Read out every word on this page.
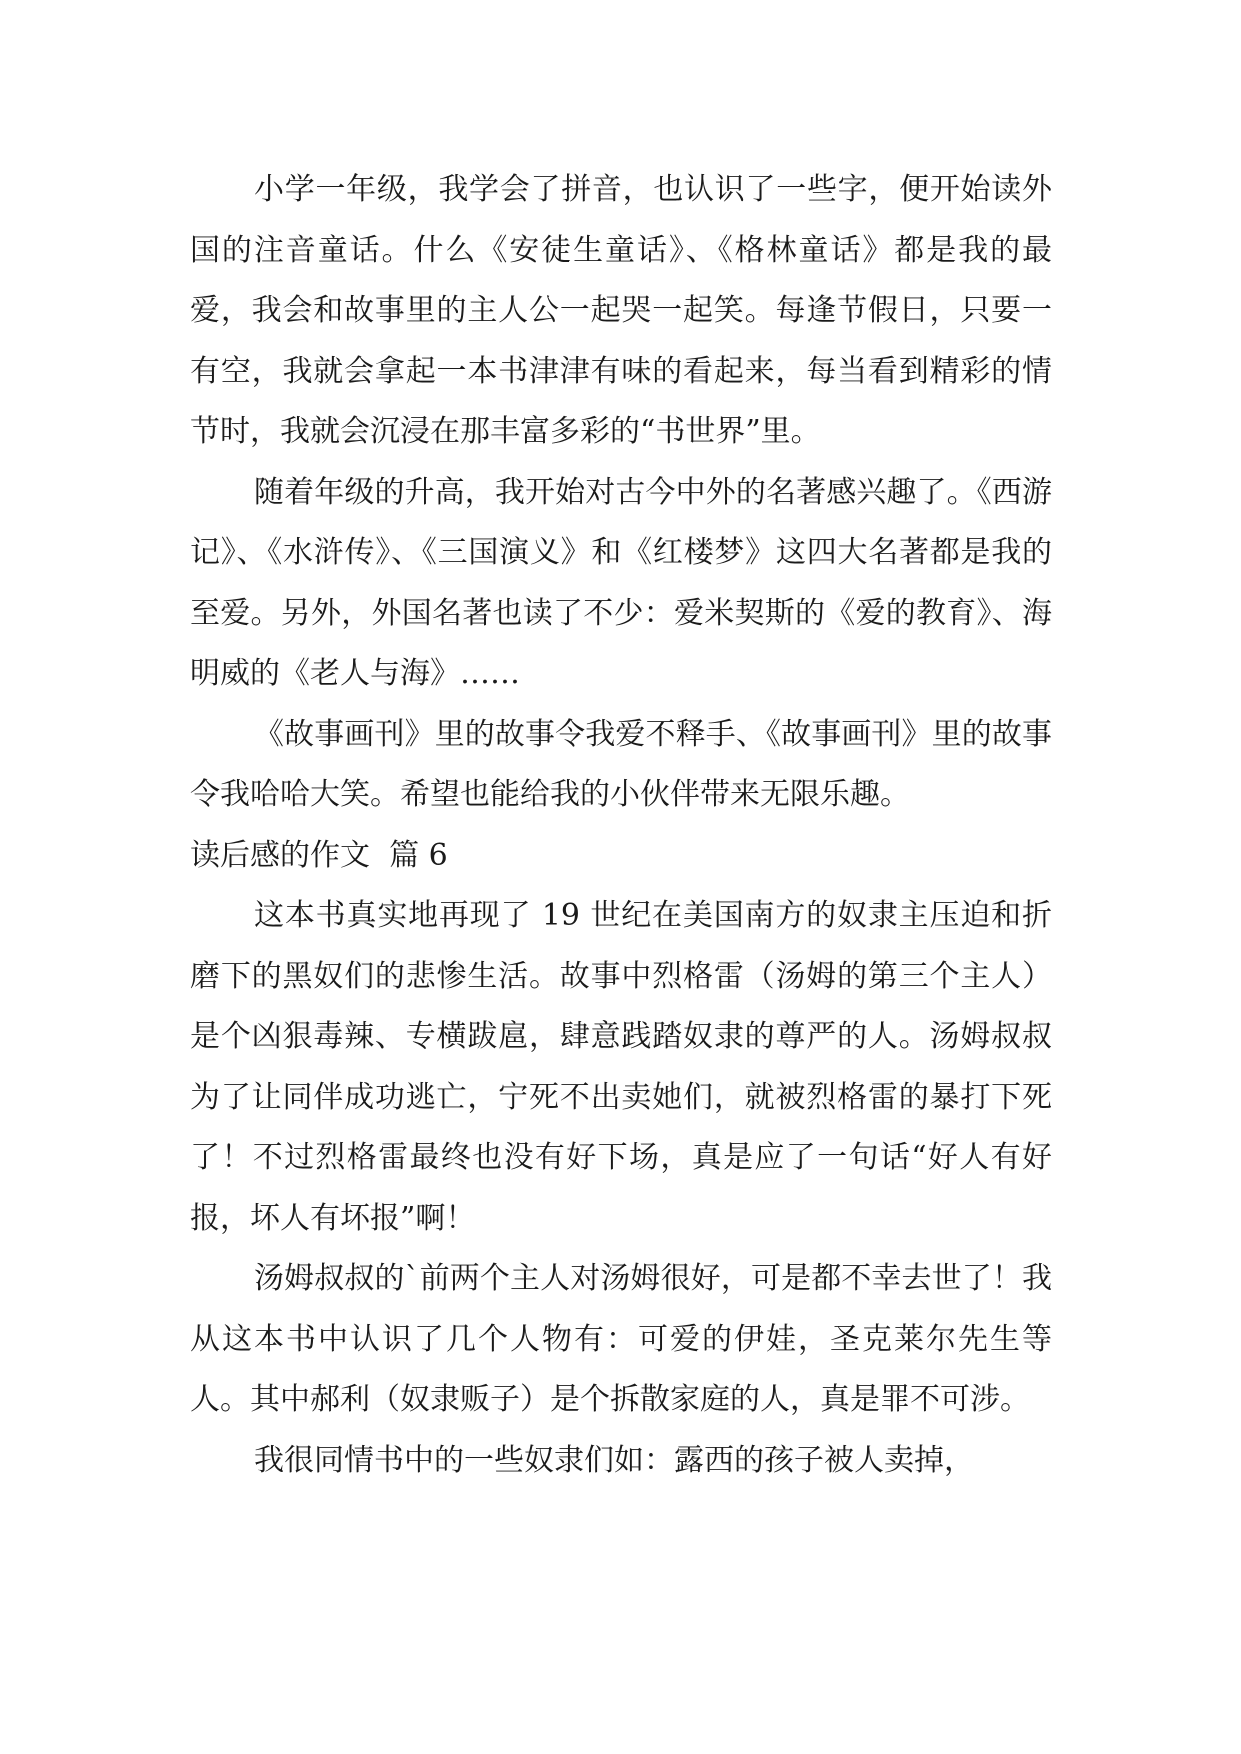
小学一年级，我学会了拼音，也认识了一些字，便开始读外国的注音童话。什么《安徒生童话》、《格林童话》都是我的最爱，我会和故事里的主人公一起哭一起笑。每逢节假日，只要一有空，我就会拿起一本书津津有味的看起来，每当看到精彩的情节时，我就会沉浸在那丰富多彩的“书世界”里。

随着年级的升高，我开始对古今中外的名著感兴趣了。《西游记》、《水浒传》、《三国演义》和《红楼梦》这四大名著都是我的至爱。另外，外国名著也读了不少：爱米契斯的《爱的教育》、海明威的《老人与海》……

《故事画刊》里的故事令我爱不释手、《故事画刊》里的故事令我哈哈大笑。希望也能给我的小伙伴带来无限乐趣。

读后感的作文  篇 6

这本书真实地再现了 19 世纪在美国南方的奴隶主压迫和折磨下的黑奴们的悲惨生活。故事中烈格雷（汤姆的第三个主人）是个凶狠毒辣、专横跋扈，肆意践踏奴隶的尊严的人。汤姆叔叔为了让同伴成功逃亡，宁死不出卖她们，就被烈格雷的暴打下死了！不过烈格雷最终也没有好下场，真是应了一句话“好人有好报，坏人有坏报”啊！

汤姆叔叔的`前两个主人对汤姆很好，可是都不幸去世了！我从这本书中认识了几个人物有：可爱的伊娃，圣克莱尔先生等人。其中郝利（奴隶贩子）是个拆散家庭的人，真是罪不可涉。

我很同情书中的一些奴隶们如：露西的孩子被人卖掉，
